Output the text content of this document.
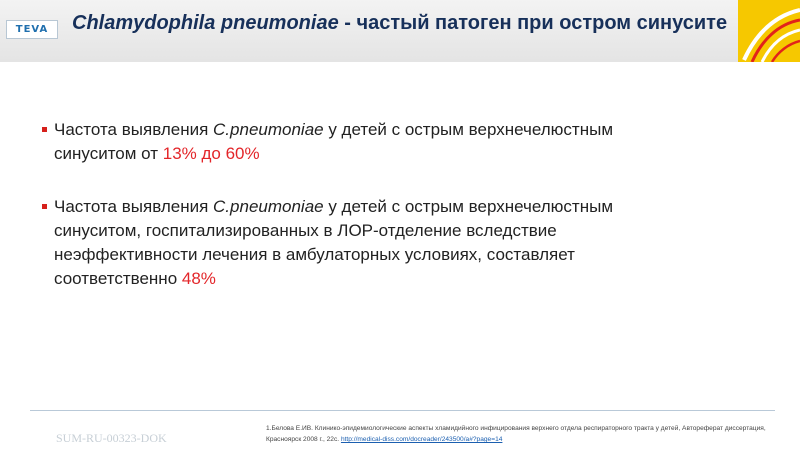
TEVA Chlamydophila pneumoniae - частый патоген при остром синусите
Частота выявления C.pneumoniae у детей с острым верхнечелюстным синуситом от 13% до 60%
Частота выявления C.pneumoniae у детей с острым верхнечелюстным синуситом, госпитализированных в ЛОР-отделение вследствие неэффективности лечения в амбулаторных условиях, составляет соответственно 48%
SUM-RU-00323-DOK
1.Белова Е.ИВ. Клинико-эпидемиологические аспекты хламидийного инфицирования верхнего отдела респираторного тракта у детей, Автореферат диссертация, Красноярск 2008 г., 22с. http://medical-diss.com/docreader/243500/a#?page=14
